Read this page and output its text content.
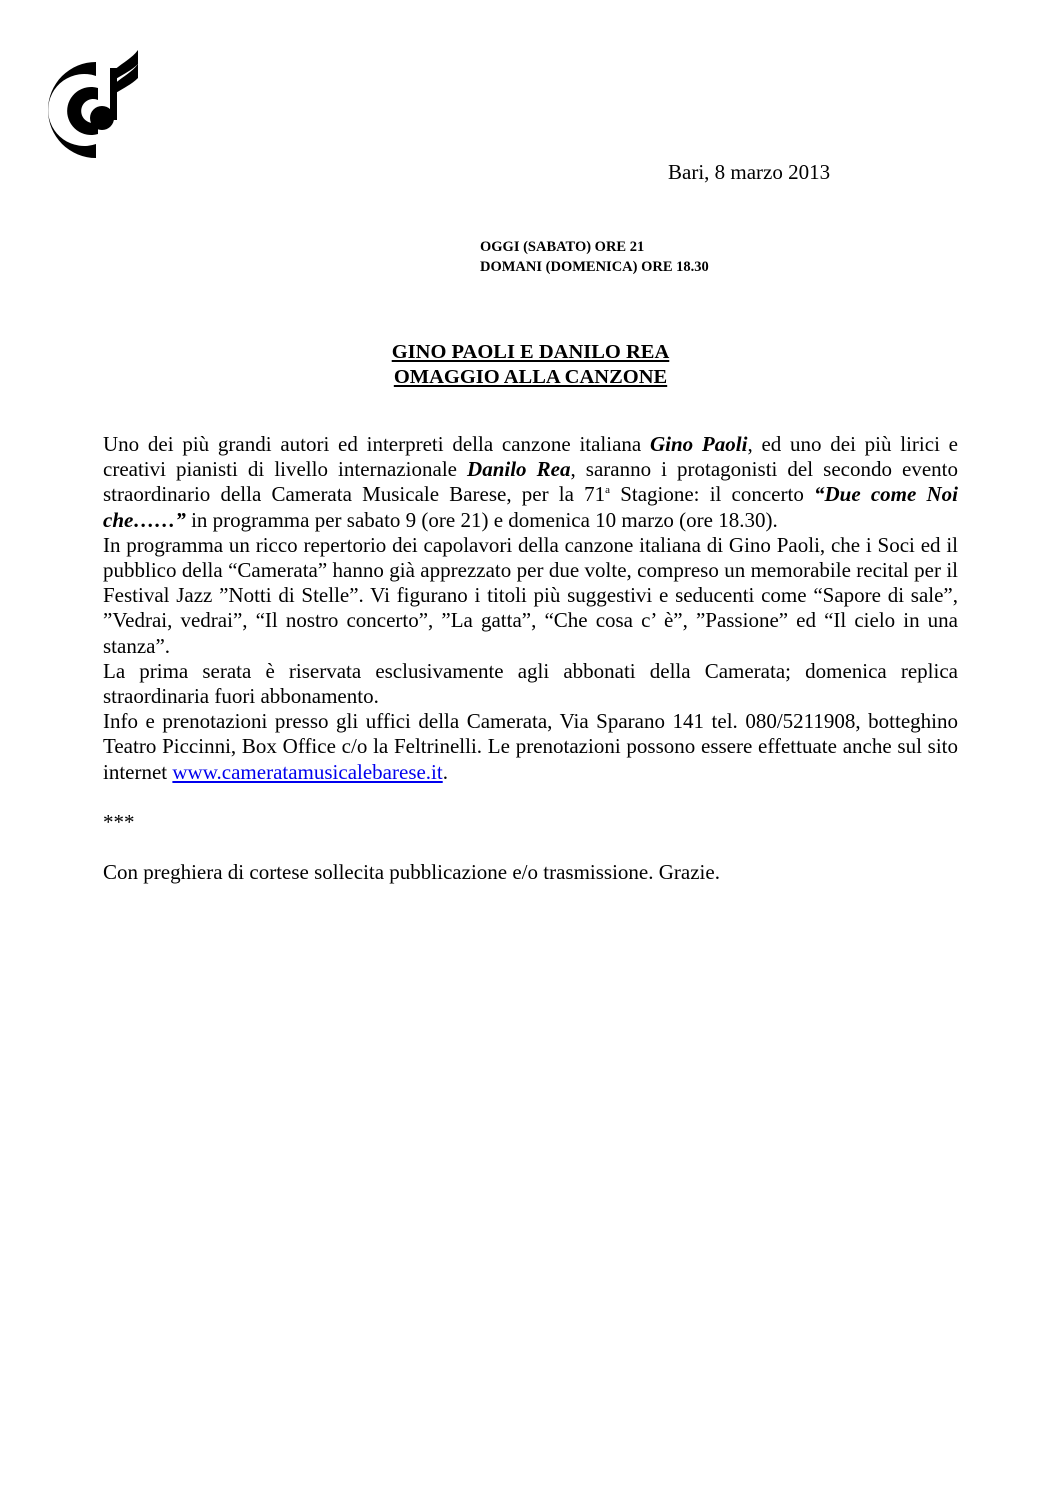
Bari, 8 marzo 2013
OGGI (SABATO) ORE 21
DOMANI (DOMENICA) ORE 18.30
GINO PAOLI E DANILO REA
OMAGGIO ALLA CANZONE

Uno dei più grandi autori ed interpreti della canzone italiana Gino Paoli, ed uno dei più lirici e creativi pianisti di livello internazionale Danilo Rea, saranno i protagonisti del secondo evento straordinario della Camerata Musicale Barese, per la 71$^a$ Stagione: il concerto “Due come Noi che……” in programma per sabato 9 (ore 21) e domenica 10 marzo (ore 18.30).

In programma un ricco repertorio dei capolavori della canzone italiana di Gino Paoli, che i Soci ed il pubblico della “Camerata” hanno già apprezzato per due volte, compreso un memorabile recital per il Festival Jazz ”Notti di Stelle”. Vi figurano i titoli più suggestivi e seducenti come “Sapore di sale”, ”Vedrai, vedrai”, “Il nostro concerto”, ”La gatta”, “Che cosa c’ è”, ”Passione” ed “Il cielo in una stanza”.

La prima serata è riservata esclusivamente agli abbonati della Camerata; domenica replica straordinaria fuori abbonamento.

Info e prenotazioni presso gli uffici della Camerata, Via Sparano 141 tel. 080/5211908, botteghino Teatro Piccinni, Box Office c/o la Feltrinelli. Le prenotazioni possono essere effettuate anche sul sito internet www.cameratamusicalebarese.it.

***

Con preghiera di cortese sollecita pubblicazione e/o trasmissione. Grazie.
